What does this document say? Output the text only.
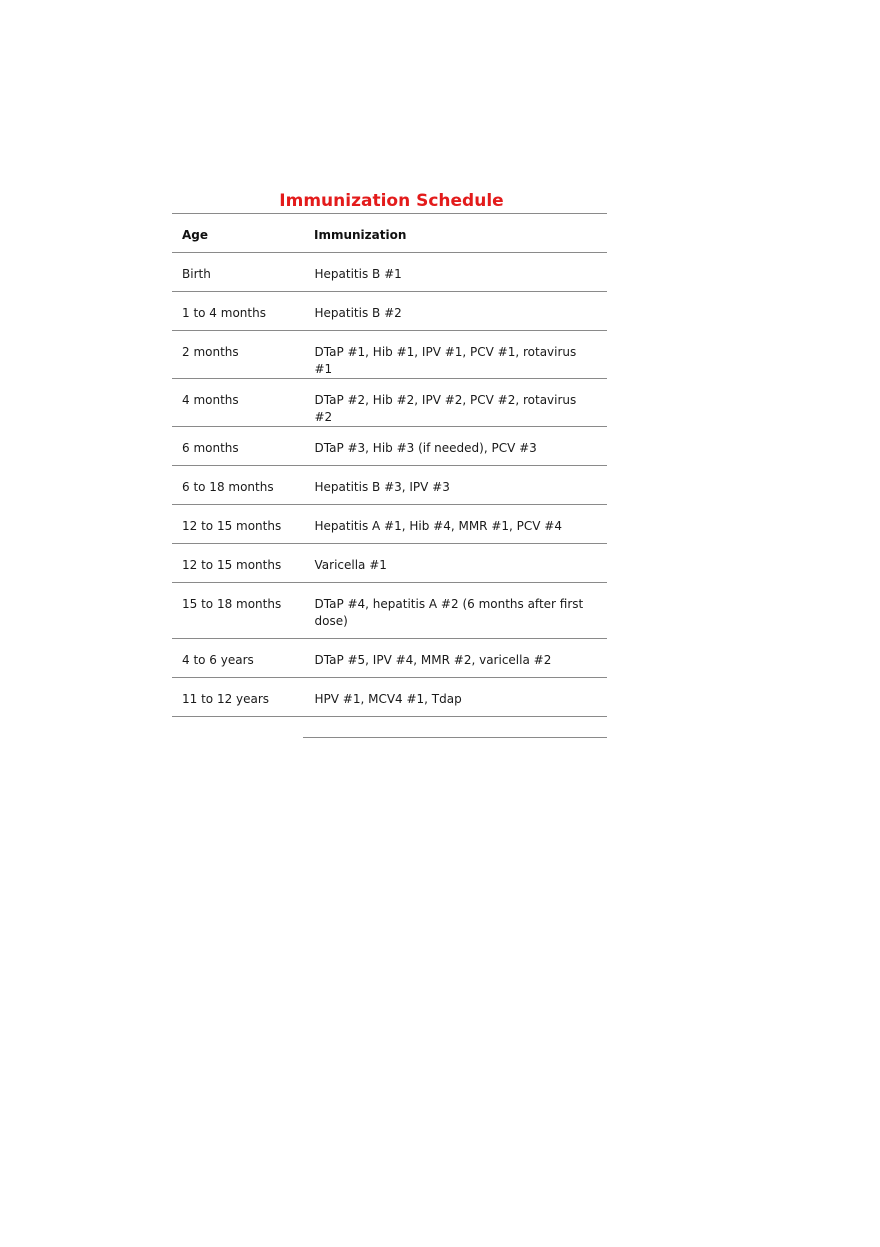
Immunization Schedule
Age	Immunization
Birth	Hepatitis B #1
1 to 4 months	Hepatitis B #2
2 months	DTaP #1, Hib #1, IPV #1, PCV #1, rotavirus #1
4 months	DTaP #2, Hib #2, IPV #2, PCV #2, rotavirus #2
6 months	DTaP #3, Hib #3 (if needed), PCV #3
6 to 18 months	Hepatitis B #3, IPV #3
12 to 15 months	Hepatitis A #1, Hib #4, MMR #1, PCV #4
12 to 15 months	Varicella #1
15 to 18 months	DTaP #4, hepatitis A #2 (6 months after first dose)
4 to 6 years	DTaP #5, IPV #4, MMR #2, varicella #2
11 to 12 years	HPV #1, MCV4 #1, Tdap
